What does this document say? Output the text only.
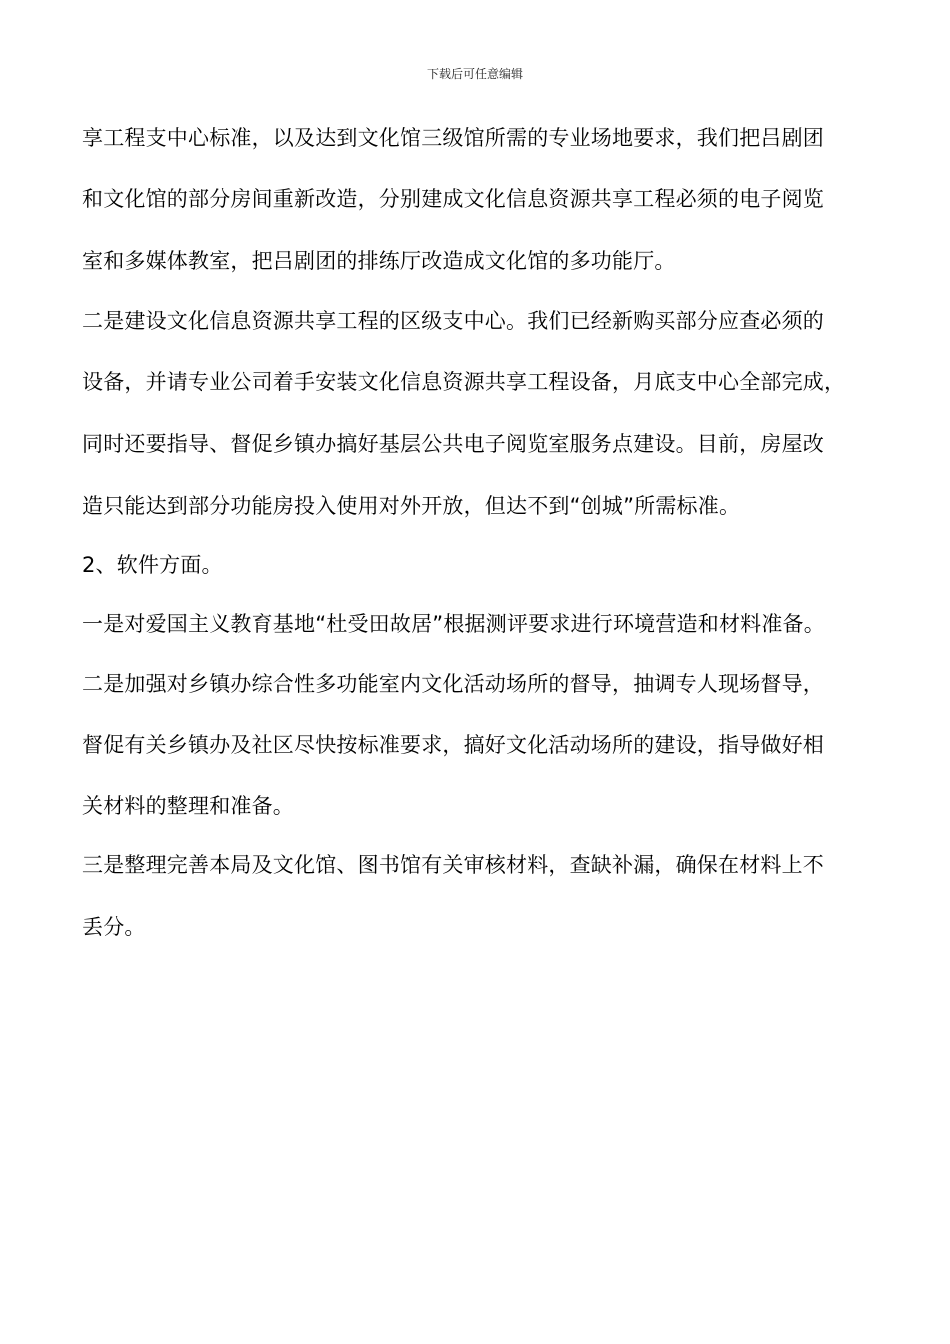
下载后可任意编辑
享工程支中心标准，以及达到文化馆三级馆所需的专业场地要求，我们把吕剧团
和文化馆的部分房间重新改造，分别建成文化信息资源共享工程必须的电子阅览
室和多媒体教室，把吕剧团的排练厅改造成文化馆的多功能厅。
二是建设文化信息资源共享工程的区级支中心。我们已经新购买部分应查必须的
设备，并请专业公司着手安装文化信息资源共享工程设备，月底支中心全部完成，
同时还要指导、督促乡镇办搞好基层公共电子阅览室服务点建设。目前，房屋改
造只能达到部分功能房投入使用对外开放，但达不到“创城”所需标准。
2、软件方面。
一是对爱国主义教育基地“杜受田故居”根据测评要求进行环境营造和材料准备。
二是加强对乡镇办综合性多功能室内文化活动场所的督导，抽调专人现场督导，
督促有关乡镇办及社区尽快按标准要求，搞好文化活动场所的建设，指导做好相
关材料的整理和准备。
三是整理完善本局及文化馆、图书馆有关审核材料，查缺补漏，确保在材料上不
丢分。
